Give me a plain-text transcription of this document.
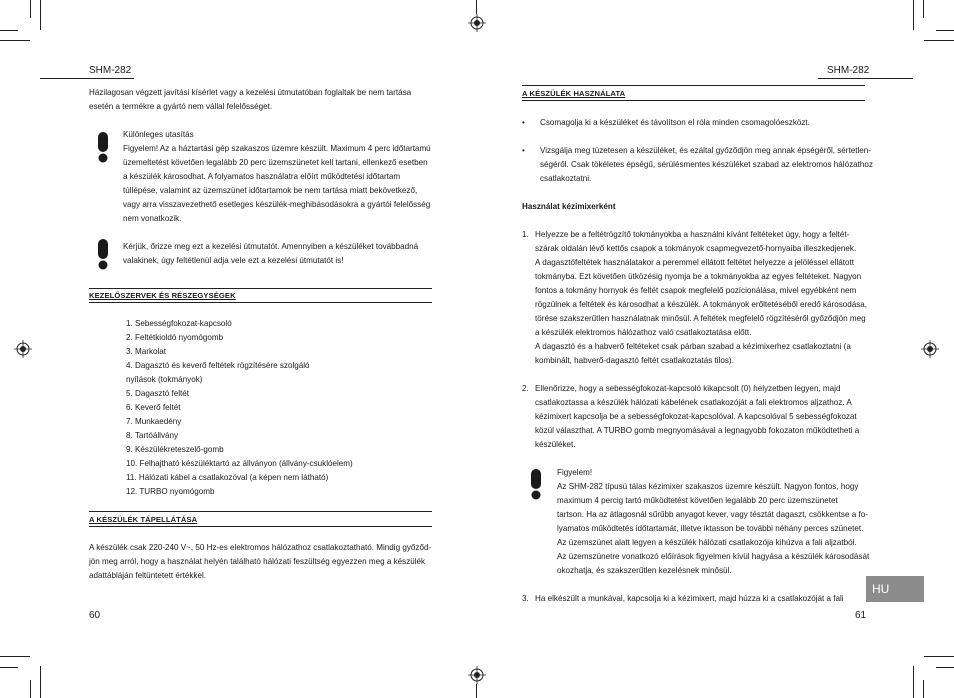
SHM-282
Házilagosan végzett javítási kísérlet vagy a kezelési útmutatóban foglaltak be nem tartása
esetén a termékre a gyártó nem vállal felelősséget.
Különleges utasítás
Figyelem! Az a háztartási gép szakaszos üzemre készült. Maximum 4 perc időtartamú
üzemeltetést követően legalább 20 perc üzemszünetet kell tartani, ellenkező esetben
a készülék károsodhat. A folyamatos használatra előírt működtetési időtartam
túllépése, valamint az üzemszünet időtartamok be nem tartása miatt bekövetkező,
vagy arra visszavezethető esetleges készülék-meghibásodásokra a gyártói felelősség
nem vonatkozik.
Kérjük, őrizze meg ezt a kezelési útmutatót. Amennyiben a készüléket továbbadná
valakinek, úgy feltétlenül adja vele ezt a kezelési útmutatót is!
KEZELŐSZERVEK ÉS RÉSZEGYSÉGEK
1. Sebességfokozat-kapcsoló
2. Feltétkioldó nyomógomb
3. Markolat
4. Dagasztó és keverő feltétek rögzítésére szolgáló
nyílások (tokmányok)
5. Dagasztó feltét
6. Keverő feltét
7. Munkaedény
8. Tartóállvány
9. Készülékreteszelő-gomb
10. Felhajtható készüléktartó az állványon (állvány-csuklóelem)
11. Hálózati kábel a csatlakozóval (a képen nem látható)
12. TURBO nyomógomb
A KÉSZÜLÉK TÁPELLÁTÁSA
A készülék csak 220-240 V~, 50 Hz-es elektromos hálózathoz csatlakoztatható. Mindig győződ-
jön meg arról, hogy a használat helyén található hálózati feszültség egyezzen meg a készülék
adattábláján feltüntetett értékkel.
60
SHM-282
A KÉSZÜLÉK HASZNÁLATA
• Csomagolja ki a készüléket és távolítson el róla minden csomagolóeszközt.
• Vizsgálja meg tüzetesen a készüléket, és ezáltal győződjön meg annak épségéről, sértetlen-
ségéről. Csak tökéletes épségű, sérülésmentes készüléket szabad az elektromos hálózathoz
csatlakoztatni.
Használat kézimixerként
1. Helyezze be a feltétrögzítő tokmányokba a használni kívánt feltéteket úgy, hogy a feltét-
szárak oldalán lévő kettős csapok a tokmányok csapmegvezető-hornyaiba illeszkedjenek.
A dagasztófeltétek használatakor a peremmel ellátott feltétet helyezze a jelöléssel ellátott
tokmányba. Ezt követően ütközésig nyomja be a tokmányokba az egyes feltéteket. Nagyon
fontos a tokmány hornyok és feltét csapok megfelelő pozícionálása, mivel egyébként nem
rögzülnek a feltétek és károsodhat a készülék. A tokmányok erőltetéséből eredő károsodása,
törése szakszerűtlen használatnak minősül. A feltétek megfelelő rögzítéséről győződjön meg
a készülék elektromos hálózathoz való csatlakoztatása előtt.
A dagasztó és a habverő feltéteket csak párban szabad a kézimixerhez csatlakoztatni (a
kombinált, habverő-dagasztó feltét csatlakoztatás tilos).
2. Ellenőrizze, hogy a sebességfokozat-kapcsoló kikapcsolt (0) helyzetben legyen, majd
csatlakoztassa a készülék hálózati kábelének csatlakozóját a fali elektromos aljzathoz. A
kézimixert kapcsolja be a sebességfokozat-kapcsolóval. A kapcsolóval 5 sebességfokozat
közül választhat. A TURBO gomb megnyomásával a legnagyobb fokozaton működtetheti a
készüléket.
Figyelem!
Az SHM-282 típusú tálas kézimixer szakaszos üzemre készült. Nagyon fontos, hogy
maximum 4 percig tartó működtetést követően legalább 20 perc üzemszünetet
tartson. Ha az átlagosnál sűrűbb anyagot kever, vagy tésztát dagaszt, csökkentse a fo-
lyamatos működtetés időtartamát, illetve iktasson be további néhány perces szünetet.
Az üzemszünet alatt legyen a készülék hálózati csatlakozója kihúzva a fali aljzatból.
Az üzemszünetre vonatkozó előírások figyelmen kívül hagyása a készülék károsodását
okozhatja, és szakszerűtlen kezelésnek minősül.
3. Ha elkészült a munkával, kapcsolja ki a kézimixert, majd húzza ki a csatlakozóját a fali
HU
61
